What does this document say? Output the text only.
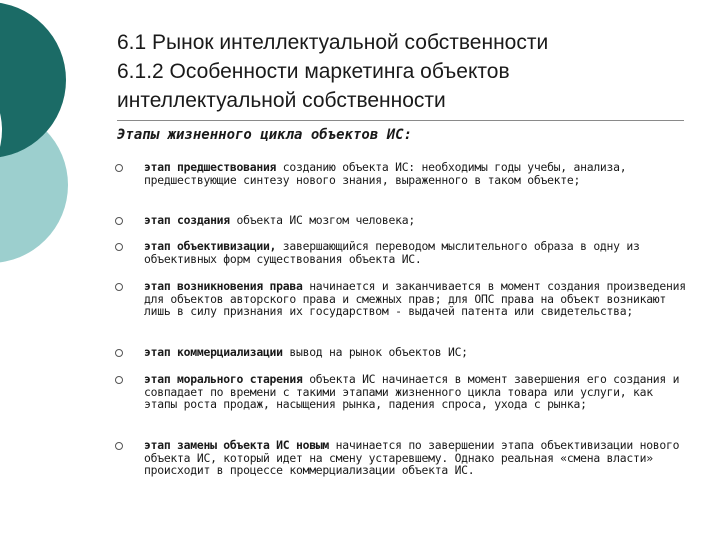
6.1 Рынок интеллектуальной собственности
6.1.2 Особенности маркетинга объектов
интеллектуальной собственности
Этапы жизненного цикла объектов ИС:
этап предшествования созданию объекта ИС: необходимы годы учебы, анализа, предшествующие синтезу нового знания, выраженного в таком объекте;
этап создания объекта ИС мозгом человека;
этап объективизации, завершающийся переводом мыслительного образа в одну из объективных форм существования объекта ИС.
этап возникновения права начинается и заканчивается в момент создания произведения для объектов авторского права и смежных прав; для ОПС права на объект возникают лишь в силу признания их государством - выдачей патента или свидетельства;
этап коммерциализации вывод на рынок объектов ИС;
этап морального старения объекта ИС начинается в момент завершения его создания и совпадает по времени с такими этапами жизненного цикла товара или услуги, как этапы роста продаж, насыщения рынка, падения спроса, ухода с рынка;
этап замены объекта ИС новым начинается по завершении этапа объективизации нового объекта ИС, который идет на смену устаревшему. Однако реальная «смена власти» происходит в процессе коммерциализации объекта ИС.
